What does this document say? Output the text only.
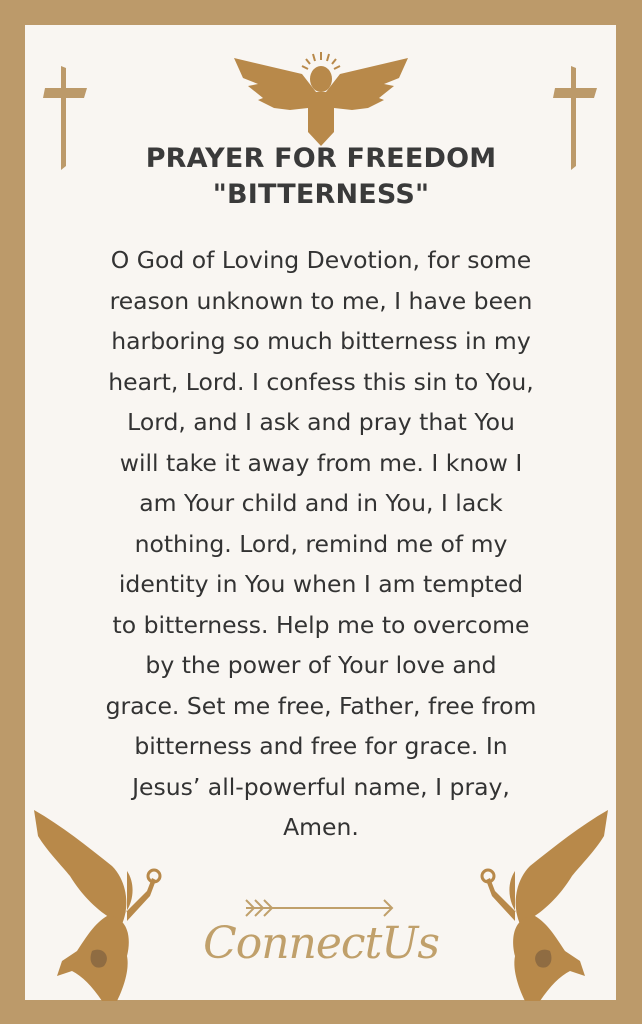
PRAYER FOR FREEDOM
"BITTERNESS"
O God of Loving Devotion, for some
reason unknown to me, I have been
harboring so much bitterness in my
heart, Lord. I confess this sin to You,
Lord, and I ask and pray that You
will take it away from me. I know I
am Your child and in You, I lack
nothing. Lord, remind me of my
identity in You when I am tempted
to bitterness. Help me to overcome
by the power of Your love and
grace. Set me free, Father, free from
bitterness and free for grace. In
Jesus’ all-powerful name, I pray,
Amen.
ConnectUs
